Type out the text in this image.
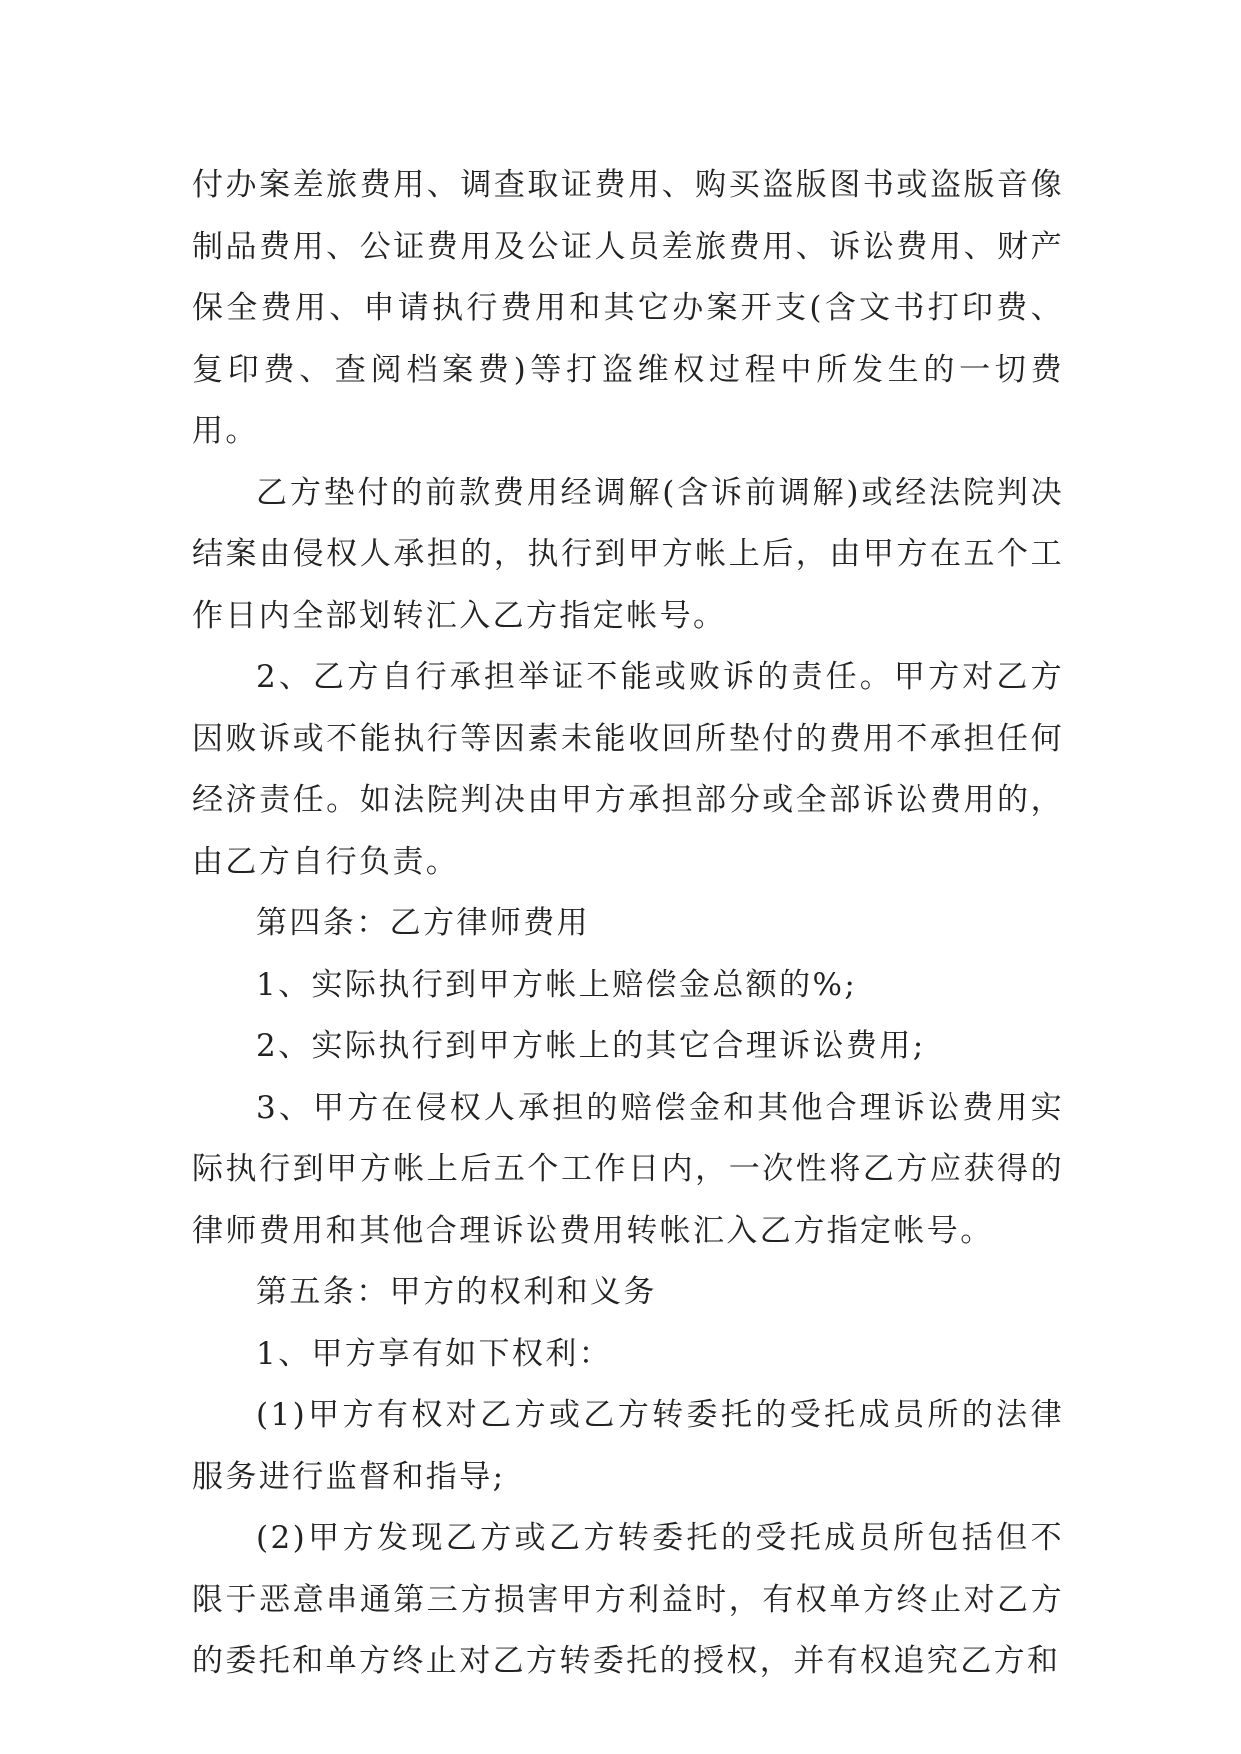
付办案差旅费用、调查取证费用、购买盗版图书或盗版音像制品费用、公证费用及公证人员差旅费用、诉讼费用、财产保全费用、申请执行费用和其它办案开支(含文书打印费、复印费、查阅档案费)等打盗维权过程中所发生的一切费用。

乙方垫付的前款费用经调解(含诉前调解)或经法院判决结案由侵权人承担的，执行到甲方帐上后，由甲方在五个工作日内全部划转汇入乙方指定帐号。

2、乙方自行承担举证不能或败诉的责任。甲方对乙方因败诉或不能执行等因素未能收回所垫付的费用不承担任何经济责任。如法院判决由甲方承担部分或全部诉讼费用的，由乙方自行负责。

第四条：乙方律师费用

1、实际执行到甲方帐上赔偿金总额的%;

2、实际执行到甲方帐上的其它合理诉讼费用;

3、甲方在侵权人承担的赔偿金和其他合理诉讼费用实际执行到甲方帐上后五个工作日内，一次性将乙方应获得的律师费用和其他合理诉讼费用转帐汇入乙方指定帐号。

第五条：甲方的权利和义务

1、甲方享有如下权利：

(1)甲方有权对乙方或乙方转委托的受托成员所的法律服务进行监督和指导;

(2)甲方发现乙方或乙方转委托的受托成员所包括但不限于恶意串通第三方损害甲方利益时，有权单方终止对乙方的委托和单方终止对乙方转委托的授权，并有权追究乙方和
